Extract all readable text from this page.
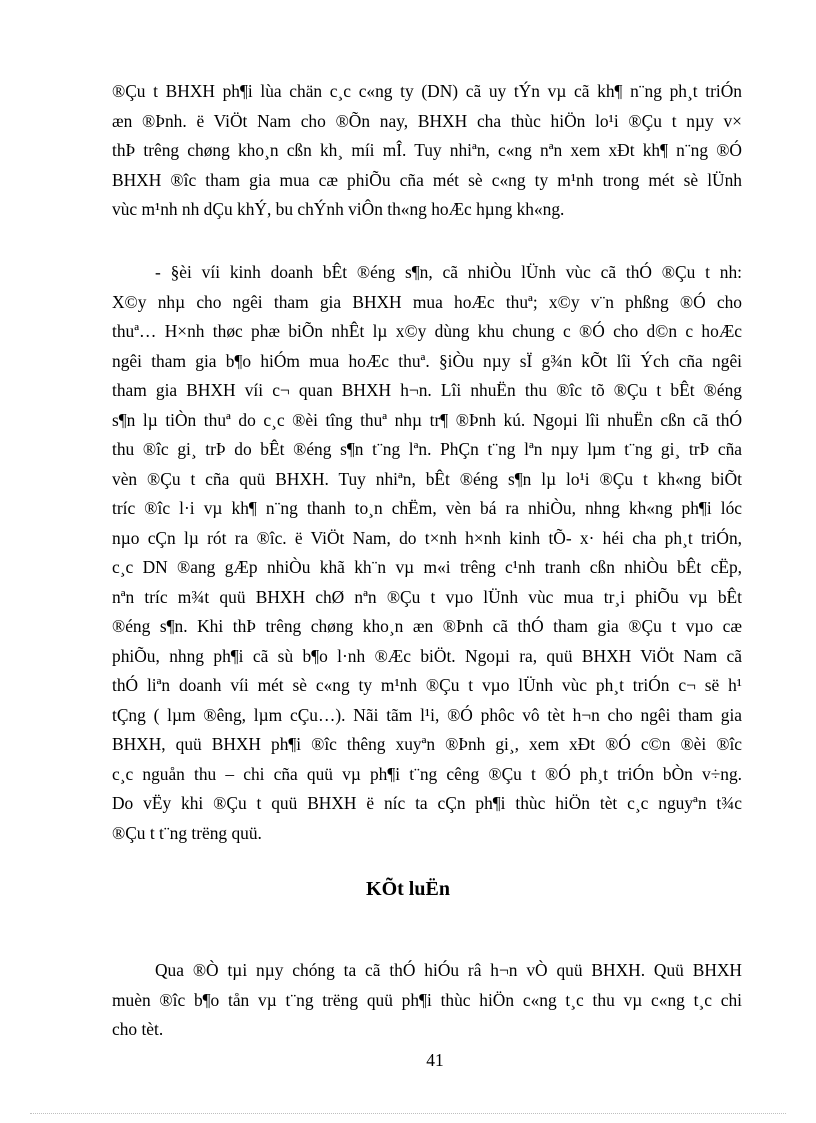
®Çu t BHXH ph¶i lùa chän c¸c c«ng ty (DN) cã uy tÝn vµ cã kh¶ n¨ng ph¸t triÓn
æn ®Þnh. ë ViÖt Nam cho ®Õn nay, BHXH cha thùc hiÖn lo¹i ®Çu t nµy v×
thÞ trêng chøng kho¸n cßn kh¸ míi mÎ. Tuy nhiªn, c«ng nªn xem xÐt kh¶ n¨ng ®Ó
BHXH ®îc tham gia mua cæ phiÕu cña mét sè c«ng ty m¹nh trong mét sè lÜnh
vùc m¹nh nh dÇu khÝ, bu chÝnh viÔn th«ng hoÆc hµng kh«ng.
- §èi víi kinh doanh bÊt ®éng s¶n, cã nhiÒu lÜnh vùc cã thÓ ®Çu t nh:
X©y nhµ cho ngêi tham gia BHXH mua hoÆc thuª; x©y v¨n phßng ®Ó cho
thuª… H×nh thøc phæ biÕn nhÊt lµ x©y dùng khu chung c ®Ó cho d©n c hoÆc
ngêi tham gia b¶o hiÓm mua hoÆc thuª. §iÒu nµy sÏ g¾n kÕt lîi Ých cña ngêi
tham gia BHXH víi c¬ quan BHXH h¬n. Lîi nhuËn thu ®îc tõ ®Çu t bÊt ®éng
s¶n lµ tiÒn thuª do c¸c ®èi tîng thuª nhµ tr¶ ®Þnh kú. Ngoµi lîi nhuËn cßn cã thÓ
thu ®îc gi¸ trÞ do bÊt ®éng s¶n t¨ng lªn. PhÇn t¨ng lªn nµy lµm t¨ng gi¸ trÞ cña
vèn ®Çu t cña quü BHXH. Tuy nhiªn, bÊt ®éng s¶n lµ lo¹i ®Çu t kh«ng biÕt
tríc ®îc l·i vµ kh¶ n¨ng thanh to¸n chËm, vèn bá ra nhiÒu, nhng kh«ng ph¶i lóc
nµo cÇn lµ rót ra ®îc. ë ViÖt Nam, do t×nh h×nh kinh tÕ- x· héi cha ph¸t triÓn,
c¸c DN ®ang gÆp nhiÒu khã kh¨n vµ m«i trêng c¹nh tranh cßn nhiÒu bÊt cËp,
nªn tríc m¾t quü BHXH chØ nªn ®Çu t vµo lÜnh vùc mua tr¸i phiÕu vµ bÊt
®éng s¶n. Khi thÞ trêng chøng kho¸n æn ®Þnh cã thÓ tham gia ®Çu t vµo cæ
phiÕu, nhng ph¶i cã sù b¶o l·nh ®Æc biÖt. Ngoµi ra, quü BHXH ViÖt Nam cã
thÓ liªn doanh víi mét sè c«ng ty m¹nh ®Çu t vµo lÜnh vùc ph¸t triÓn c¬ së h¹
tÇng ( lµm ®êng, lµm cÇu…). Nãi tãm l¹i, ®Ó phôc vô tèt h¬n cho ngêi tham gia
BHXH, quü BHXH ph¶i ®îc thêng xuyªn ®Þnh gi¸, xem xÐt ®Ó c©n ®èi ®îc
c¸c nguån thu – chi cña quü vµ ph¶i t¨ng cêng ®Çu t ®Ó ph¸t triÓn bÒn v÷ng.
Do vËy khi ®Çu t quü BHXH ë níc ta cÇn ph¶i thùc hiÖn tèt c¸c nguyªn t¾c
®Çu t t¨ng trëng quü.
KÕt luËn
Qua ®Ò tµi nµy chóng ta cã thÓ hiÓu râ h¬n vÒ quü BHXH. Quü BHXH
muèn ®îc b¶o tån vµ t¨ng trëng quü ph¶i thùc hiÖn c«ng t¸c thu vµ c«ng t¸c chi
cho tèt.
41
